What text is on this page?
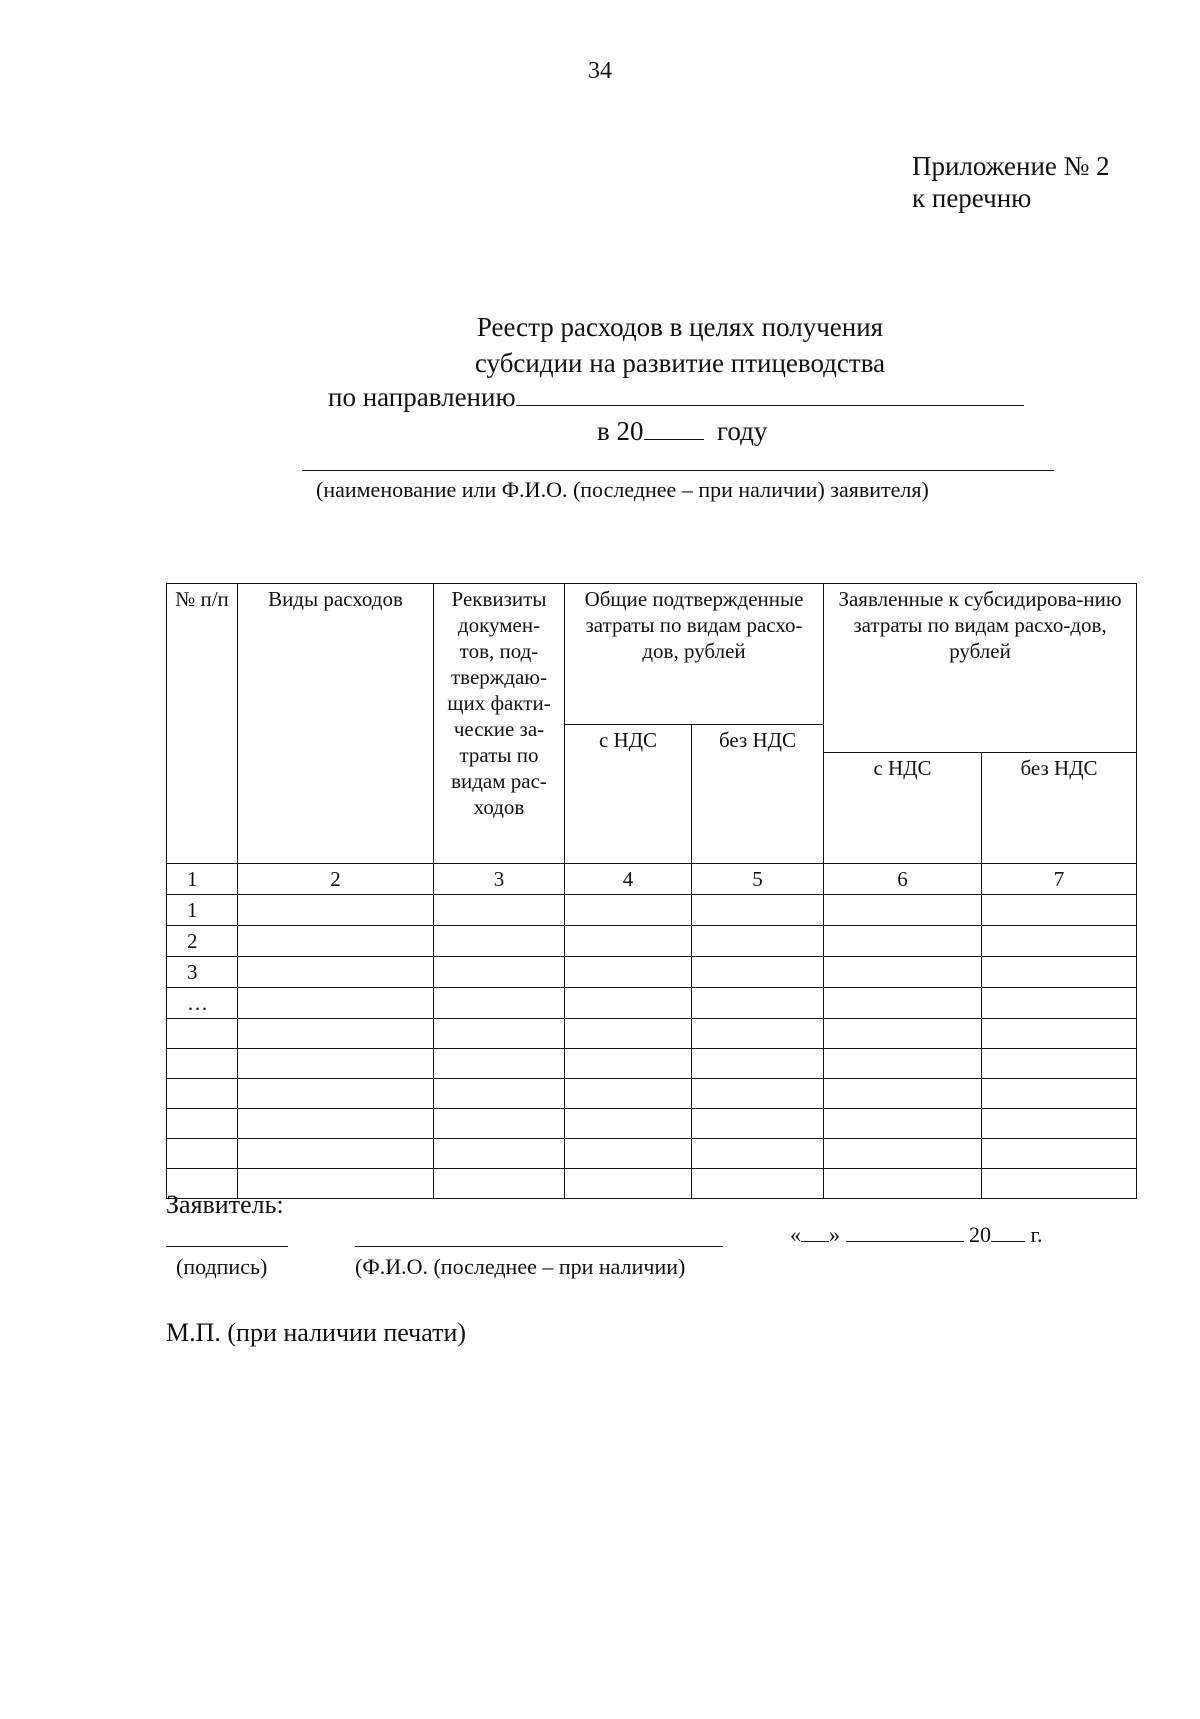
34
Приложение № 2
к перечню
Реестр расходов в целях получения
субсидии на развитие птицеводства
по направлению
в 20	году
(наименование или Ф.И.О. (последнее – при наличии) заявителя)
№ п/п	Виды расходов	Реквизиты докумен-тов, под-тверждаю-щих факти-ческие за-траты по видам рас-ходов	Общие подтвержденные затраты по видам расхо-дов, рублей		Заявленные к субсидирова-нию затраты по видам расхо-дов, рублей	
			с НДС	без НДС		
					с НДС	без НДС
1	2	3	4	5	6	7
1						
2						
3						
…						

Заявитель:
(подпись)	(Ф.И.О. (последнее – при наличии)
« »	20 г.
М.П. (при наличии печати)
